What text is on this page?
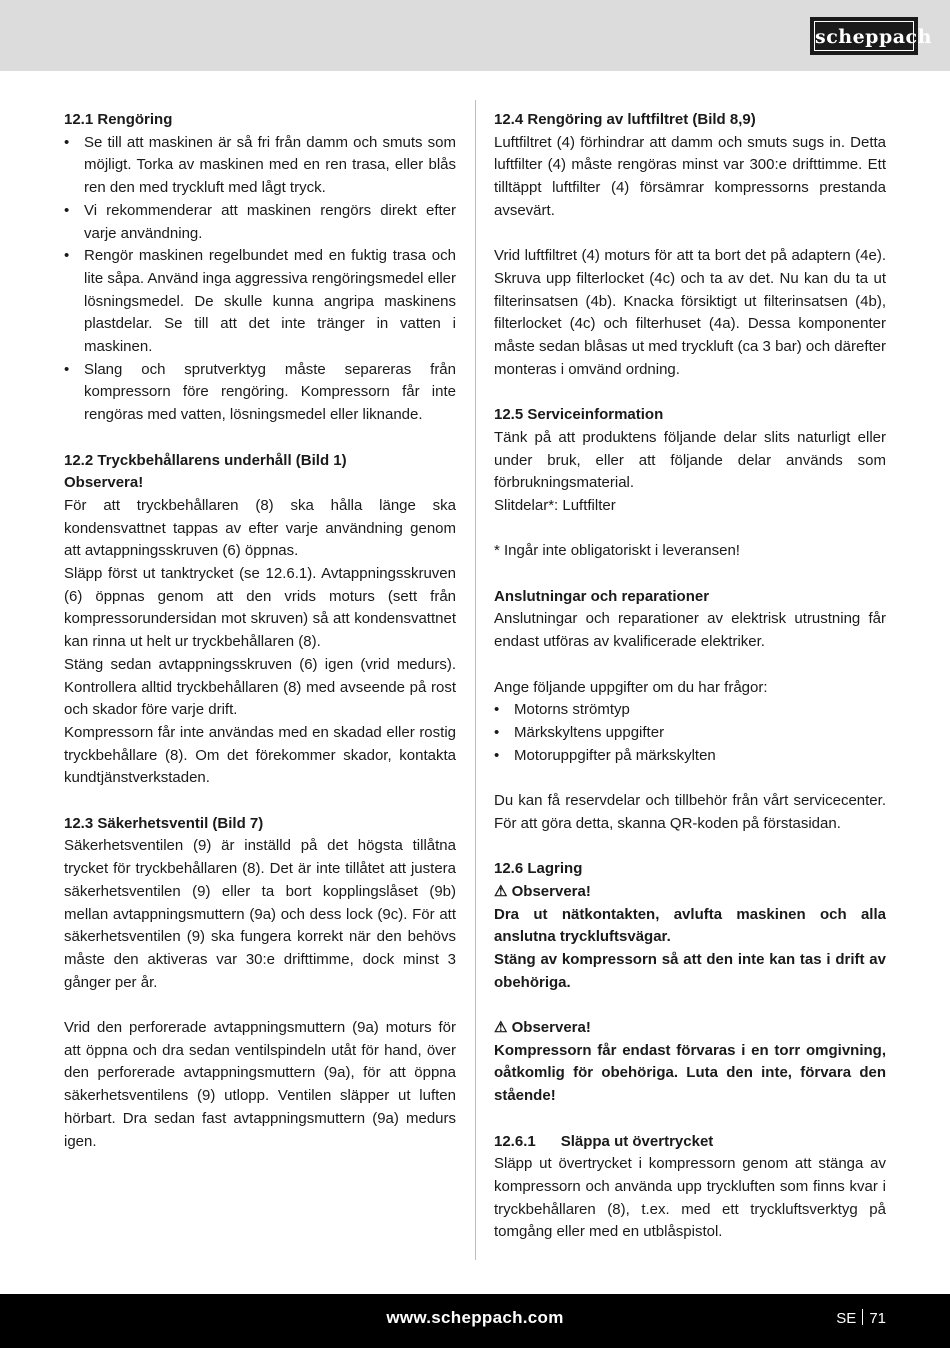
scheppach

12.1 Rengöring

• Se till att maskinen är så fri från damm och smuts som möjligt. Torka av maskinen med en ren trasa, eller blås ren den med tryckluft med lågt tryck.
• Vi rekommenderar att maskinen rengörs direkt efter varje användning.
• Rengör maskinen regelbundet med en fuktig trasa och lite såpa. Använd inga aggressiva rengöringsmedel eller lösningsmedel. De skulle kunna angripa maskinens plastdelar. Se till att det inte tränger in vatten i maskinen.
• Slang och sprutverktyg måste separeras från kompressorn före rengöring. Kompressorn får inte rengöras med vatten, lösningsmedel eller liknande.

12.2 Tryckbehållarens underhåll (Bild 1)

Observera!

För att tryckbehållaren (8) ska hålla länge ska kondensvattnet tappas av efter varje användning genom att avtappningsskruven (6) öppnas.

Släpp först ut tanktrycket (se 12.6.1). Avtappningsskruven (6) öppnas genom att den vrids moturs (sett från kompressorundersidan mot skruven) så att kondensvattnet kan rinna ut helt ur tryckbehållaren (8).

Stäng sedan avtappningsskruven (6) igen (vrid medurs). Kontrollera alltid tryckbehållaren (8) med avseende på rost och skador före varje drift.

Kompressorn får inte användas med en skadad eller rostig tryckbehållare (8). Om det förekommer skador, kontakta kundtjänstverkstaden.

12.3 Säkerhetsventil (Bild 7)

Säkerhetsventilen (9) är inställd på det högsta tillåtna trycket för tryckbehållaren (8). Det är inte tillåtet att justera säkerhetsventilen (9) eller ta bort kopplingslåset (9b) mellan avtappningsmuttern (9a) och dess lock (9c). För att säkerhetsventilen (9) ska fungera korrekt när den behövs måste den aktiveras var 30:e drifttimme, dock minst 3 gånger per år.

Vrid den perforerade avtappningsmuttern (9a) moturs för att öppna och dra sedan ventilspindeln utåt för hand, över den perforerade avtappningsmuttern (9a), för att öppna säkerhetsventilens (9) utlopp. Ventilen släpper ut luften hörbart. Dra sedan fast avtappningsmuttern (9a) medurs igen.

12.4 Rengöring av luftfiltret (Bild 8,9)

Luftfiltret (4) förhindrar att damm och smuts sugs in. Detta luftfilter (4) måste rengöras minst var 300:e drifttimme. Ett tilltäppt luftfilter (4) försämrar kompressorns prestanda avsevärt.

Vrid luftfiltret (4) moturs för att ta bort det på adaptern (4e). Skruva upp filterlocket (4c) och ta av det. Nu kan du ta ut filterinsatsen (4b). Knacka försiktigt ut filterinsatsen (4b), filterlocket (4c) och filterhuset (4a). Dessa komponenter måste sedan blåsas ut med tryckluft (ca 3 bar) och därefter monteras i omvänd ordning.

12.5 Serviceinformation

Tänk på att produktens följande delar slits naturligt eller under bruk, eller att följande delar används som förbrukningsmaterial.

Slitdelar*: Luftfilter

* Ingår inte obligatoriskt i leveransen!

Anslutningar och reparationer

Anslutningar och reparationer av elektrisk utrustning får endast utföras av kvalificerade elektriker.

Ange följande uppgifter om du har frågor:

• Motorns strömtyp
• Märkskyltens uppgifter
• Motoruppgifter på märkskylten

Du kan få reservdelar och tillbehör från vårt servicecenter. För att göra detta, skanna QR-koden på förstasidan.

12.6 Lagring

⚠ Observera!

Dra ut nätkontakten, avlufta maskinen och alla anslutna tryckluftsvägar.

Stäng av kompressorn så att den inte kan tas i drift av obehöriga.

⚠ Observera!

Kompressorn får endast förvaras i en torr omgivning, oåtkomlig för obehöriga. Luta den inte, förvara den stående!

12.6.1 Släppa ut övertrycket

Släpp ut övertrycket i kompressorn genom att stänga av kompressorn och använda upp tryckluften som finns kvar i tryckbehållaren (8), t.ex. med ett tryckluftsverktyg på tomgång eller med en utblåspistol.

www.scheppach.com	SE 71
